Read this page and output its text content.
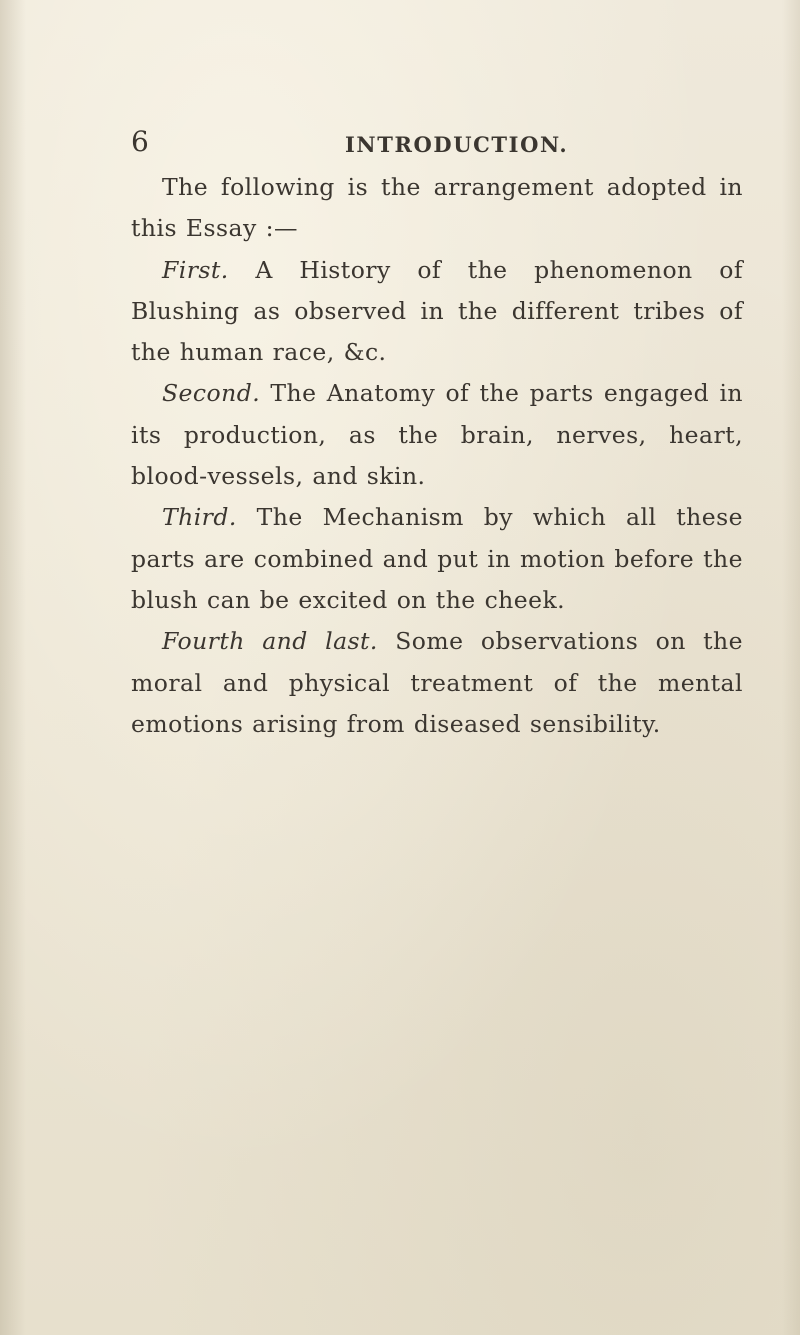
6	INTRODUCTION.

The following is the arrangement adopted in this Essay :—

First. A History of the phenomenon of Blushing as observed in the different tribes of the human race, &c.

Second. The Anatomy of the parts engaged in its production, as the brain, nerves, heart, blood-vessels, and skin.

Third. The Mechanism by which all these parts are combined and put in motion before the blush can be excited on the cheek.

Fourth and last. Some observations on the moral and physical treatment of the mental emotions arising from diseased sensibility.
